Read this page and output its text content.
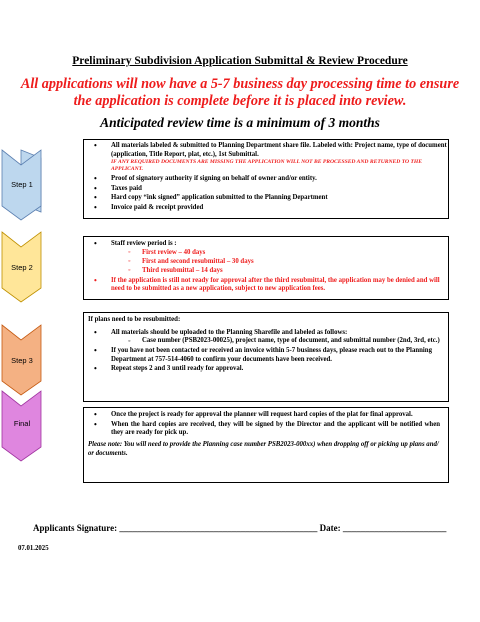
Preliminary Subdivision Application Submittal & Review Procedure
All applications will now have a 5-7 business day processing time to ensure the application is complete before it is placed into review.
Anticipated review time is a minimum of 3 months
Step 1
Step 2
Step 3
Final
• All materials labeled & submitted to Planning Department share file. Labeled with: Project name, type of document (application, Title Report, plat, etc.), 1st Submittal.
IF ANY REQUIRED DOCUMENTS ARE MISSING THE APPLICATION WILL NOT BE PROCESSED AND RETURNED TO THE APPLICANT.
• Proof of signatory authority if signing on behalf of owner and/or entity.
• Taxes paid
• Hard copy “ink signed” application submitted to the Planning Department
• Invoice paid & receipt provided
• Staff review period is :
◦ First review – 40 days
◦ First and second resubmittal – 30 days
◦ Third resubmittal – 14 days
• If the application is still not ready for approval after the third resubmittal, the application may be denied and will need to be submitted as a new application, subject to new application fees.
If plans need to be resubmitted:
• All materials should be uploaded to the Planning Sharefile and labeled as follows:
◦ Case number (PSB2023-00025), project name, type of document, and submittal number (2nd, 3rd, etc.)
• If you have not been contacted or received an invoice within 5-7 business days, please reach out to the Planning Department at 757-514-4060 to confirm your documents have been received.
• Repeat steps 2 and 3 until ready for approval.
• Once the project is ready for approval the planner will request hard copies of the plat for final approval.
• When the hard copies are received, they will be signed by the Director and the applicant will be notified when they are ready for pick up.
Please note: You will need to provide the Planning case number PSB2023-000xx) when dropping off or picking up plans and/ or documents.
Applicants Signature: ____________________________________________ Date: _______________________
07.01.2025
